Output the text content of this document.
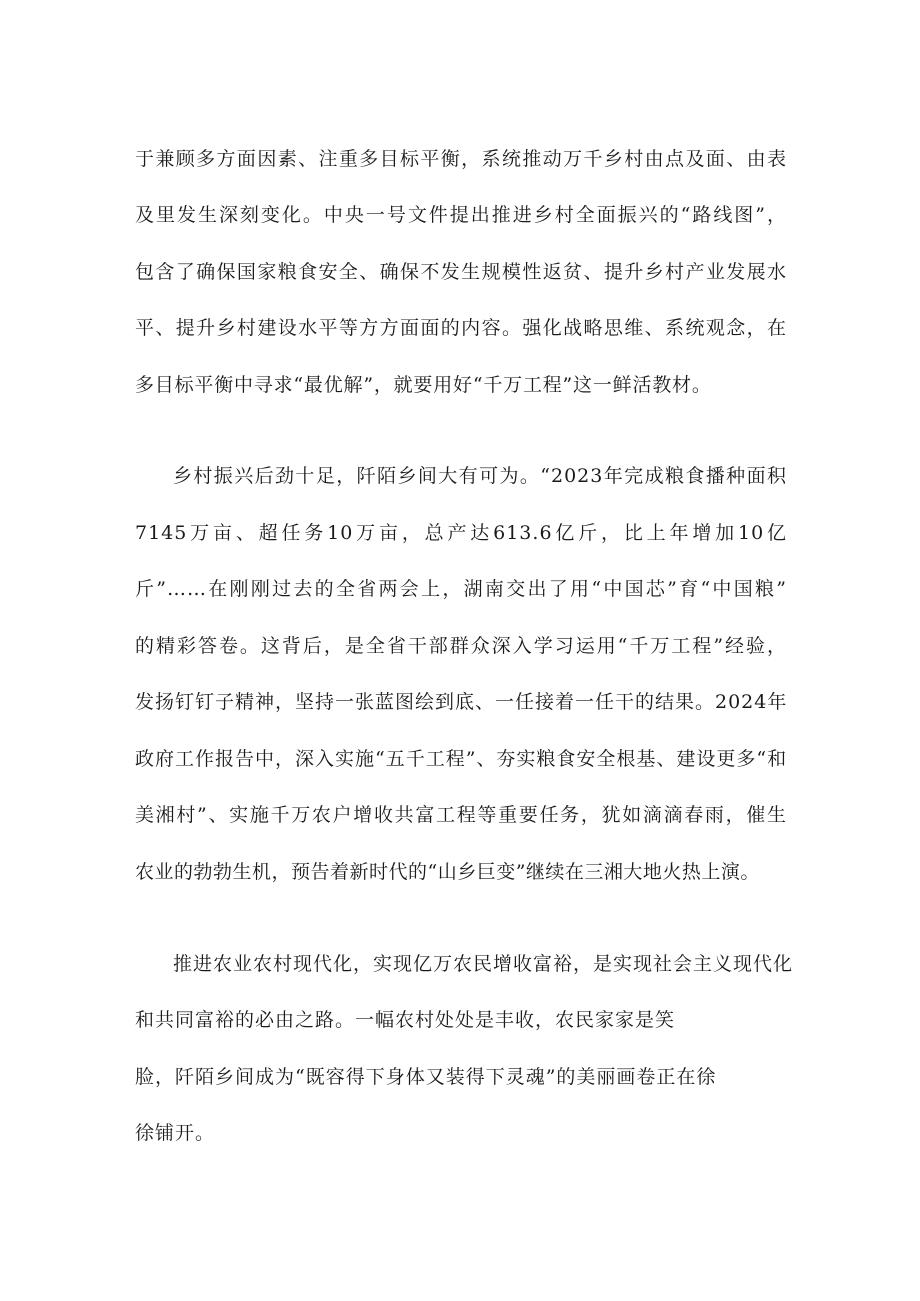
于兼顾多方面因素、注重多目标平衡，系统推动万千乡村由点及面、由表
及里发生深刻变化。中央一号文件提出推进乡村全面振兴的“路线图”，
包含了确保国家粮食安全、确保不发生规模性返贫、提升乡村产业发展水
平、提升乡村建设水平等方方面面的内容。强化战略思维、系统观念，在
多目标平衡中寻求“最优解”，就要用好“千万工程”这一鲜活教材。
乡村振兴后劲十足，阡陌乡间大有可为。“2023年完成粮食播种面积
7145万亩、超任务10万亩，总产达613.6亿斤，比上年增加10亿
斤”……在刚刚过去的全省两会上，湖南交出了用“中国芯”育“中国粮”
的精彩答卷。这背后，是全省干部群众深入学习运用“千万工程”经验，
发扬钉钉子精神，坚持一张蓝图绘到底、一任接着一任干的结果。2024年
政府工作报告中，深入实施“五千工程”、夯实粮食安全根基、建设更多“和
美湘村”、实施千万农户增收共富工程等重要任务，犹如滴滴春雨，催生
农业的勃勃生机，预告着新时代的“山乡巨变”继续在三湘大地火热上演。
推进农业农村现代化，实现亿万农民增收富裕，是实现社会主义现代化
和共同富裕的必由之路。一幅农村处处是丰收，农民家家是笑
脸，阡陌乡间成为“既容得下身体又装得下灵魂”的美丽画卷正在徐
徐铺开。
